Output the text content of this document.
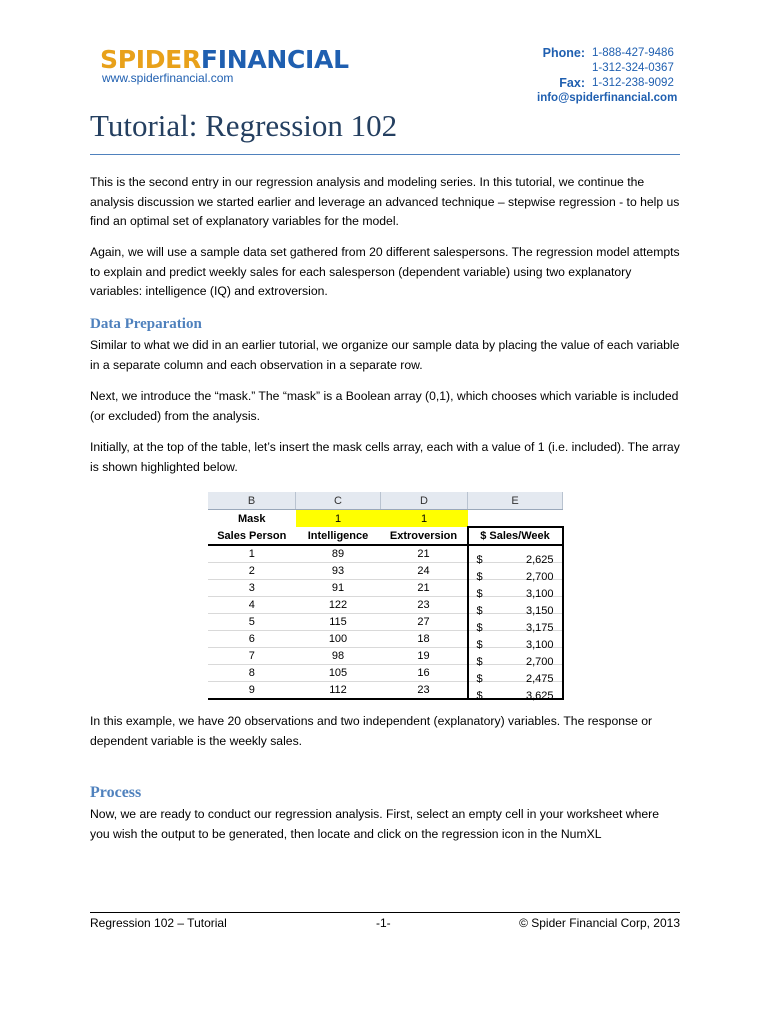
SPIDERFINANCIAL
www.spiderfinancial.com
Phone: 1-888-427-9486
1-312-324-0367
Fax: 1-312-238-9092
info@spiderfinancial.com
Tutorial: Regression 102

This is the second entry in our regression analysis and modeling series. In this tutorial, we continue the analysis discussion we started earlier and leverage an advanced technique – stepwise regression - to help us find an optimal set of explanatory variables for the model.

Again, we will use a sample data set gathered from 20 different salespersons. The regression model attempts to explain and predict weekly sales for each salesperson (dependent variable) using two explanatory variables: intelligence (IQ) and extroversion.

Data Preparation

Similar to what we did in an earlier tutorial, we organize our sample data by placing the value of each variable in a separate column and each observation in a separate row.

Next, we introduce the “mask.” The “mask” is a Boolean array (0,1), which chooses which variable is included (or excluded) from the analysis.

Initially, at the top of the table, let’s insert the mask cells array, each with a value of 1 (i.e. included). The array is shown highlighted below.

B	C	D	E
Mask	1	1	
Sales Person	Intelligence	Extroversion	$ Sales/Week
1	89	21	$ 2,625

2	93	24	$ 2,700

3	91	21	$ 3,100

4	122	23	$ 3,150

5	115	27	$ 3,175

6	100	18	$ 3,100

7	98	19	$ 2,700

8	105	16	$ 2,475

9	112	23	$ 3,625

In this example, we have 20 observations and two independent (explanatory) variables. The response or dependent variable is the weekly sales.

Process

Now, we are ready to conduct our regression analysis. First, select an empty cell in your worksheet where you wish the output to be generated, then locate and click on the regression icon in the NumXL

Regression 102 – Tutorial	-1-	© Spider Financial Corp, 2013
